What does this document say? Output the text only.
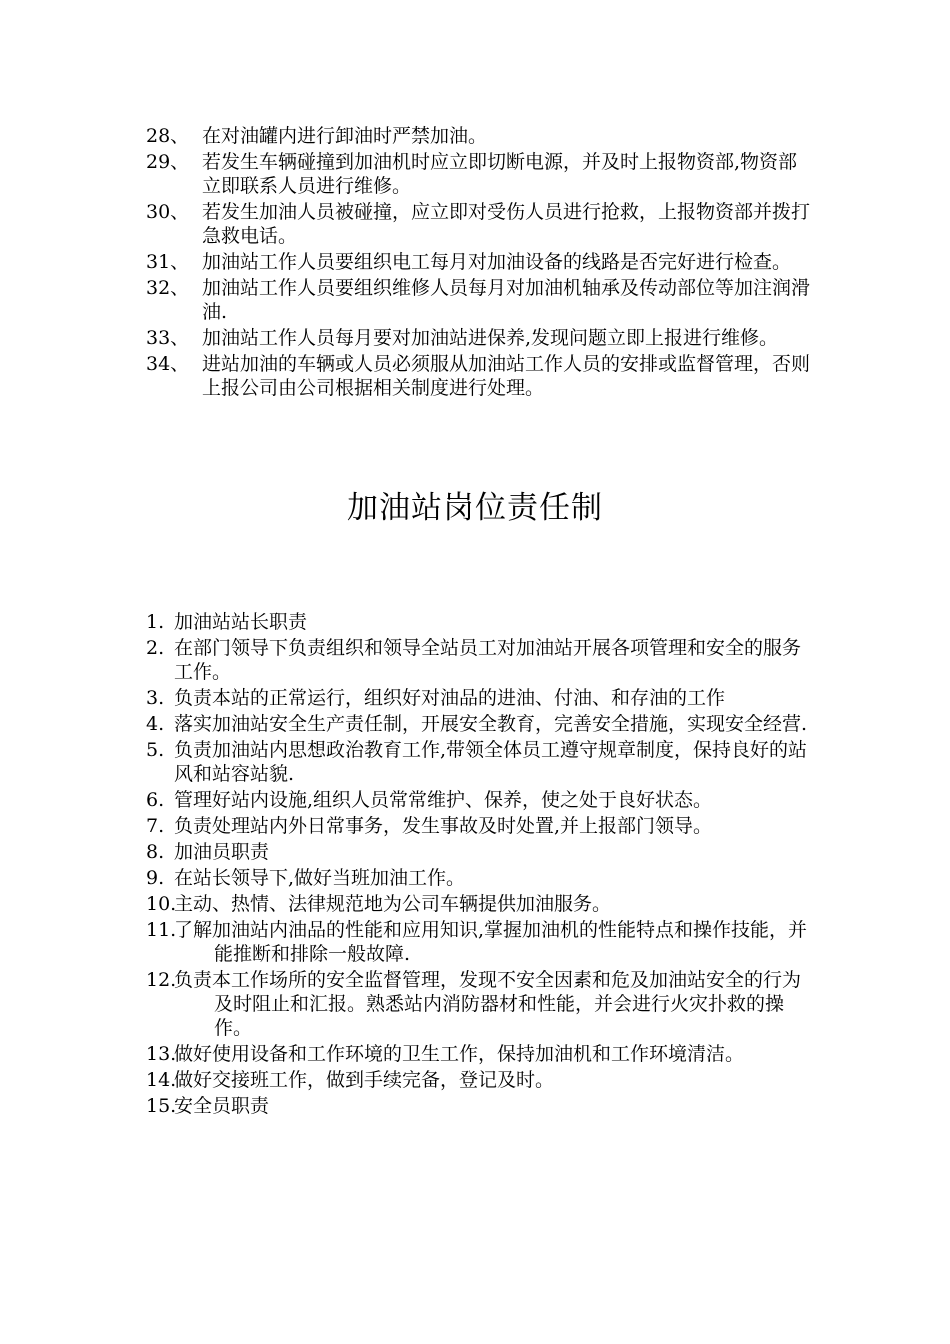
28、 在对油罐内进行卸油时严禁加油。
29、 若发生车辆碰撞到加油机时应立即切断电源，并及时上报物资部,物资部立即联系人员进行维修。
30、 若发生加油人员被碰撞，应立即对受伤人员进行抢救，上报物资部并拨打急救电话。
31、 加油站工作人员要组织电工每月对加油设备的线路是否完好进行检查。
32、 加油站工作人员要组织维修人员每月对加油机轴承及传动部位等加注润滑油.
33、 加油站工作人员每月要对加油站进保养,发现问题立即上报进行维修。
34、 进站加油的车辆或人员必须服从加油站工作人员的安排或监督管理，否则上报公司由公司根据相关制度进行处理。
加油站岗位责任制
1. 加油站站长职责
2. 在部门领导下负责组织和领导全站员工对加油站开展各项管理和安全的服务工作。
3. 负责本站的正常运行，组织好对油品的进油、付油、和存油的工作
4. 落实加油站安全生产责任制，开展安全教育，完善安全措施，实现安全经营.
5. 负责加油站内思想政治教育工作,带领全体员工遵守规章制度，保持良好的站风和站容站貌.
6. 管理好站内设施,组织人员常常维护、保养，使之处于良好状态。
7. 负责处理站内外日常事务，发生事故及时处置,并上报部门领导。
8. 加油员职责
9. 在站长领导下,做好当班加油工作。
10.
主动、热情、法律规范地为公司车辆提供加油服务。
11.
了解加油站内油品的性能和应用知识,掌握加油机的性能特点和操作技能，并能推断和排除一般故障.
12.
负责本工作场所的安全监督管理，发现不安全因素和危及加油站安全的行为及时阻止和汇报。熟悉站内消防器材和性能，并会进行火灾扑救的操作。
13.
做好使用设备和工作环境的卫生工作，保持加油机和工作环境清洁。
14.
做好交接班工作，做到手续完备，登记及时。
15.
安全员职责
